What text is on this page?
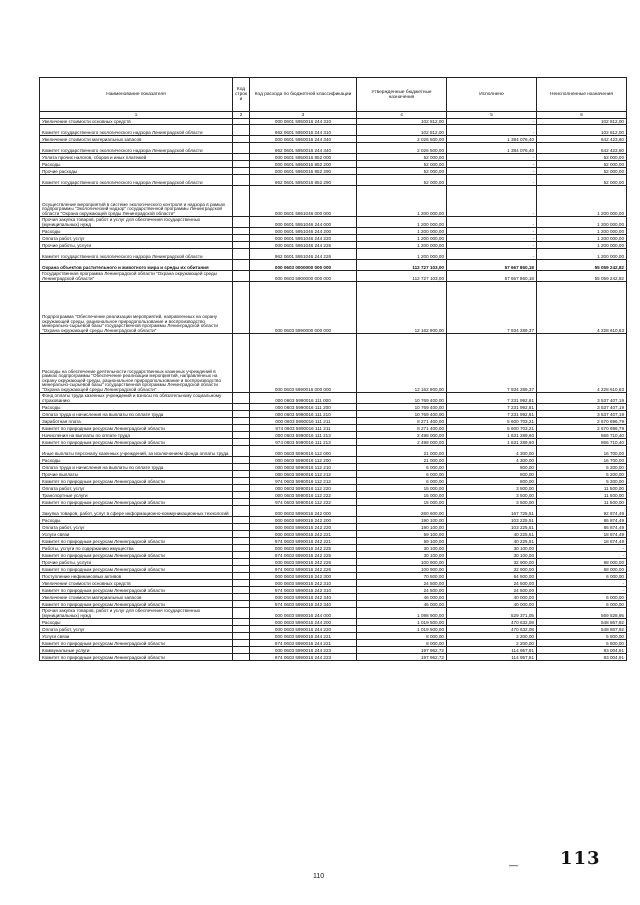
Наименование показателя	Код строк и	Код расхода по бюджетной классификации	Утвержденные бюджетные назначения	Исполнено	Неисполненные назначения
1	2	3	4	5	6
Увеличение стоимости основных средств		000 0601 5950016 244 310	102 812,00	-	102 812,00
Комитет государственного экологического надзора Ленинградской области		962 0601 5950016 244 310	102 812,00	-	102 812,00
Увеличение стоимости материальных запасов		000 0601 5950016 244 340	2 026 500,00	1 384 076,40	642 423,60
Комитет государственного экологического надзора Ленинградской области		962 0601 5950016 244 340	2 026 500,00	1 384 076,40	642 423,60
Уплата прочих налогов, сборов и иных платежей		000 0601 5950016 852 000	52 000,00	-	52 000,00
Расходы		000 0601 5950016 852 200	52 000,00	-	52 000,00
Прочие расходы		000 0601 5950016 852 290	52 000,00	-	52 000,00
Комитет государственного экологического надзора Ленинградской области		962 0601 5950016 852 290	52 000,00	-	52 000,00
Осуществление мероприятий в системе экологического контроля и надзора в рамках подпрограммы "Экологический надзор" государственной программы Ленинградской области "Охрана окружающей среды Ленинградской области"		000 0601 5951046 000 000	1 200 000,00	-	1 200 000,00
Прочая закупка товаров, работ и услуг для обеспечения государственных (муниципальных) нужд		000 0601 5951046 244 000	1 200 000,00	-	1 200 000,00
Расходы		000 0601 5951046 244 200	1 200 000,00	-	1 200 000,00
Оплата работ, услуг		000 0601 5951046 244 220	1 200 000,00	-	1 200 000,00
Прочие работы, услуги		000 0601 5951046 244 226	1 200 000,00	-	1 200 000,00
Комитет государственного экологического надзора Ленинградской области		962 0601 5951046 244 226	1 200 000,00	-	1 200 000,00
Охрана объектов растительного и животного мира и среды их обитания		000 0603 0000000 000 000	112 727 103,00	57 667 860,18	55 059 242,82
Государственная программа Ленинградской области "Охрана окружающей среды Ленинградской области"		000 0603 5900000 000 000	112 727 103,00	57 667 860,18	55 059 242,82
Подпрограмма "Обеспечение реализации мероприятий, направленных на охрану окружающей среды, рациональное природопользование и воспроизводство минерально-сырьевой базы" государственной программы Ленинградской области "Охрана окружающей среды Ленинградской области"		000 0603 5990000 000 000	12 162 900,00	7 934 289,37	4 228 610,63
Расходы на обеспечение деятельности государственных казенных учреждений в рамках подпрограммы "Обеспечение реализации мероприятий, направленных на охрану окружающей среды, рациональное природопользование и воспроизводство минерально-сырьевой базы" государственной программы Ленинградской области "Охрана окружающей среды Ленинградской области"		000 0603 5990016 000 000	12 162 900,00	7 934 289,37	4 228 610,63
Фонд оплаты труда казенных учреждений и взносы по обязательному социальному страхованию		000 0603 5990016 111 000	10 769 400,00	7 231 992,81	3 537 407,19
Расходы		000 0603 5990016 111 200	10 769 400,00	7 231 992,81	3 537 407,19
Оплата труда и начисления на выплаты по оплате труда		000 0603 5990016 111 210	10 769 400,00	7 231 992,81	3 537 407,19
Заработная плата		000 0603 5990016 111 211	8 271 400,00	5 600 703,21	2 670 696,79
Комитет по природным ресурсам Ленинградской области		974 0603 5990016 111 211	8 271 400,00	5 600 703,21	2 670 696,79
Начисления на выплаты по оплате труда		000 0603 5990016 111 213	2 498 000,00	1 631 289,60	866 710,40
Комитет по природным ресурсам Ленинградской области		974 0603 5990016 111 213	2 498 000,00	1 631 289,60	866 710,40
Иные выплаты персоналу казенных учреждений, за исключением фонда оплаты труда		000 0603 5990016 112 000	21 000,00	4 300,00	16 700,00
Расходы		000 0603 5990016 112 200	21 000,00	4 300,00	16 700,00
Оплата труда и начисления на выплаты по оплате труда		000 0603 5990016 112 210	6 000,00	800,00	5 200,00
Прочие выплаты		000 0603 5990016 112 212	6 000,00	800,00	5 200,00
Комитет по природным ресурсам Ленинградской области		974 0603 5990016 112 212	6 000,00	800,00	5 200,00
Оплата работ, услуг		000 0603 5990016 112 220	15 000,00	3 500,00	11 500,00
Транспортные услуги		000 0603 5990016 112 222	15 000,00	3 500,00	11 500,00
Комитет по природным ресурсам Ленинградской области		974 0603 5990016 112 222	15 000,00	3 500,00	11 500,00
Закупка товаров, работ, услуг в сфере информационно-коммуникационных технологий		000 0603 5990016 242 000	260 600,00	167 725,51	92 874,49
Расходы		000 0603 5990016 242 200	190 100,00	103 225,51	86 874,49
Оплата работ, услуг		000 0603 5990016 242 220	190 100,00	103 225,51	86 874,49
Услуги связи		000 0603 5990016 242 221	59 100,00	40 225,51	18 874,49
Комитет по природным ресурсам Ленинградской области		974 0603 5990016 242 221	59 100,00	40 225,51	18 874,49
Работы, услуги по содержанию имущества		000 0603 5990016 242 225	30 100,00	30 100,00	-
Комитет по природным ресурсам Ленинградской области		974 0603 5990016 242 225	30 100,00	30 100,00	-
Прочие работы, услуги		000 0603 5990016 242 226	100 900,00	32 900,00	68 000,00
Комитет по природным ресурсам Ленинградской области		974 0603 5990016 242 226	100 900,00	32 900,00	68 000,00
Поступление нефинансовых активов		000 0603 5990016 242 300	70 500,00	64 500,00	6 000,00
Увеличение стоимости основных средств		000 0603 5990016 242 310	24 500,00	24 500,00	-
Комитет по природным ресурсам Ленинградской области		974 0603 5990016 242 310	24 500,00	24 500,00	-
Увеличение стоимости материальных запасов		000 0603 5990016 242 340	46 000,00	40 000,00	6 000,00
Комитет по природным ресурсам Ленинградской области		974 0603 5990016 242 340	46 000,00	40 000,00	6 000,00
Прочая закупка товаров, работ и услуг для обеспечения государственных (муниципальных) нужд		000 0603 5990016 244 000	1 098 900,00	529 371,05	569 528,95
Расходы		000 0603 5990016 244 200	1 019 500,00	470 632,08	548 867,92
Оплата работ, услуг		000 0603 5990016 244 220	1 019 500,00	470 632,08	548 867,92
Услуги связи		000 0603 5990016 244 221	8 000,00	2 200,00	5 800,00
Комитет по природным ресурсам Ленинградской области		974 0603 5990016 244 221	8 000,00	2 200,00	5 800,00
Коммунальные услуги		000 0603 5990016 244 223	197 962,72	114 957,81	83 004,91
Комитет по природным ресурсам Ленинградской области		974 0603 5990016 244 223	197 962,72	114 957,81	83 004,91
110
— 113
